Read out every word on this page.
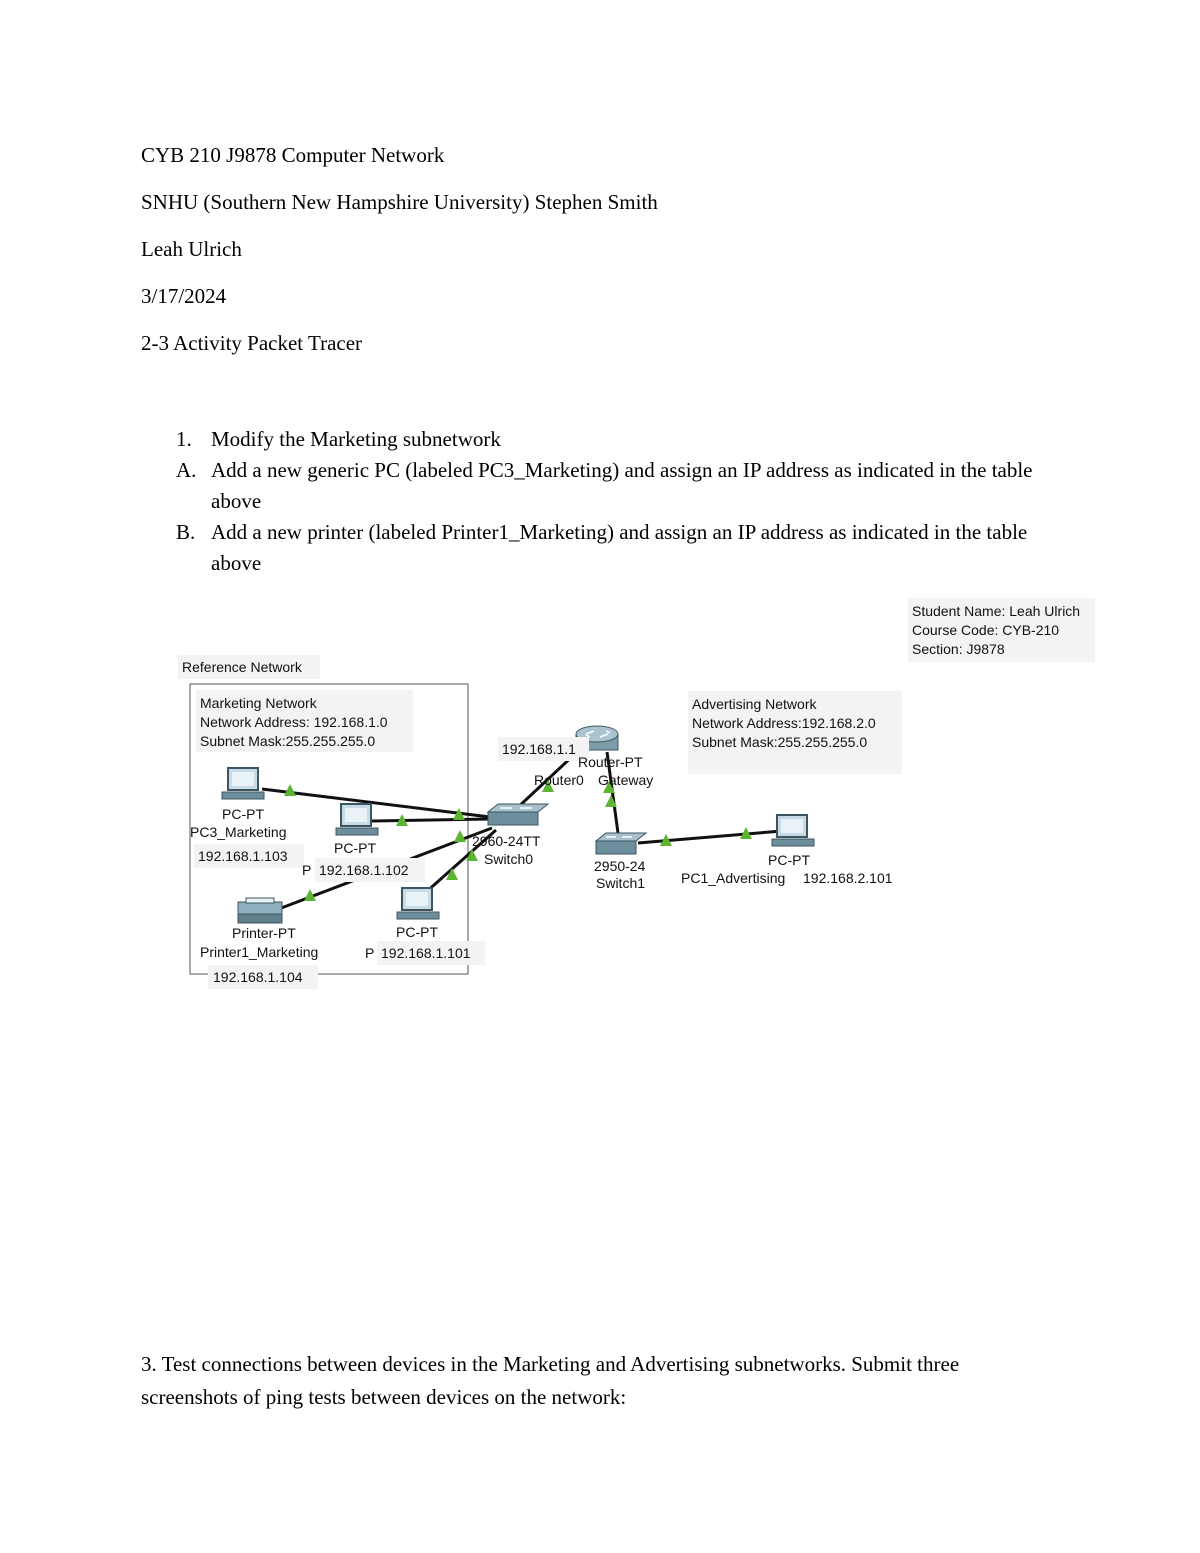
CYB 210 J9878 Computer Network
SNHU (Southern New Hampshire University) Stephen Smith
Leah Ulrich
3/17/2024
2-3 Activity Packet Tracer
1. Modify the Marketing subnetwork
A. Add a new generic PC (labeled PC3_Marketing) and assign an IP address as indicated in the table above
B. Add a new printer (labeled Printer1_Marketing) and assign an IP address as indicated in the table above
Student Name: Leah Ulrich
Course Code: CYB-210
Section: J9878
Reference Network
Marketing Network
Network Address: 192.168.1.0
Subnet Mask:255.255.255.0
Advertising Network
Network Address:192.168.2.0
Subnet Mask:255.255.255.0
192.168.1.1
Router-PT
Router0 Gateway
2960-24TT
Switch0	2950-24
Switch1
PC-PT
PC3_Marketing
192.168.1.103	PC-PT
P 192.168.1.102
PC-PT
P 192.168.1.101
Printer-PT
Printer1_Marketing
192.168.1.104
PC-PT
PC1_Advertising 192.168.2.101
3. Test connections between devices in the Marketing and Advertising subnetworks. Submit three screenshots of ping tests between devices on the network:
